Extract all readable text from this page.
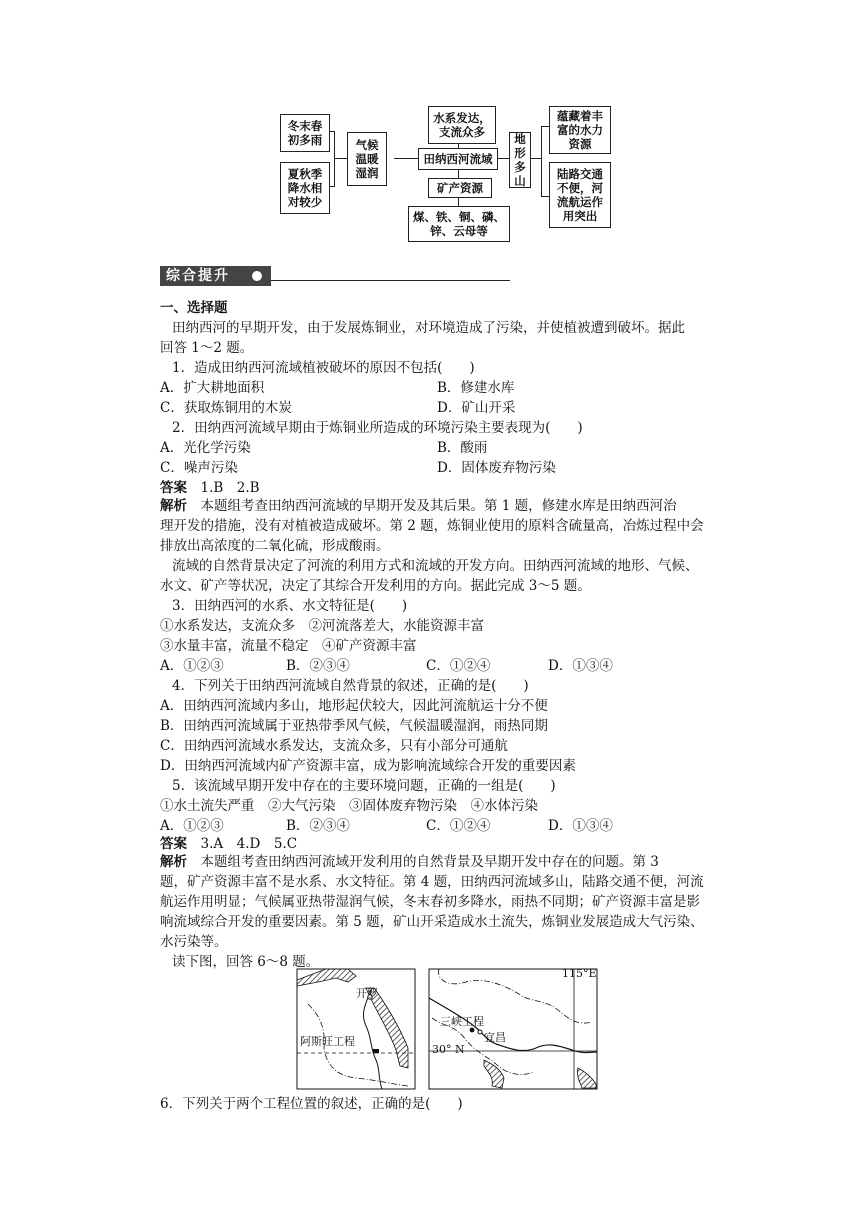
冬末春
初多雨
夏秋季
降水相
对较少
气候
温暖
湿润
水系发达，
支流众多
田纳西河流域
矿产资源
煤、铁、铜、磷、
锌、云母等
地
形
多
山
蕴藏着丰
富的水力
资源
陆路交通
不便，河
流航运作
用突出
综合提升
一、选择题
田纳西河的早期开发，由于发展炼铜业，对环境造成了污染，并使植被遭到破坏。据此
回答 1～2 题。
1．造成田纳西河流域植被破坏的原因不包括(　　)
A．扩大耕地面积	B．修建水库
C．获取炼铜用的木炭	D．矿山开采
2．田纳西河流域早期由于炼铜业所造成的环境污染主要表现为(　　)
A．光化学污染	B．酸雨
C．噪声污染	D．固体废弃物污染
答案　1.B　2.B
解析　本题组考查田纳西河流域的早期开发及其后果。第 1 题，修建水库是田纳西河治
理开发的措施，没有对植被造成破坏。第 2 题，炼铜业使用的原料含硫量高，冶炼过程中会
排放出高浓度的二氧化硫，形成酸雨。
流域的自然背景决定了河流的利用方式和流域的开发方向。田纳西河流域的地形、气候、
水文、矿产等状况，决定了其综合开发利用的方向。据此完成 3～5 题。
3．田纳西河的水系、水文特征是(　　)
①水系发达，支流众多　②河流落差大，水能资源丰富
③水量丰富，流量不稳定　④矿产资源丰富
A．①②③	B．②③④	C．①②④	D．①③④
4．下列关于田纳西河流域自然背景的叙述，正确的是(　　)
A．田纳西河流域内多山，地形起伏较大，因此河流航运十分不便
B．田纳西河流域属于亚热带季风气候，气候温暖湿润，雨热同期
C．田纳西河流域水系发达，支流众多，只有小部分可通航
D．田纳西河流域内矿产资源丰富，成为影响流域综合开发的重要因素
5．该流域早期开发中存在的主要环境问题，正确的一组是(　　)
①水土流失严重　②大气污染　③固体废弃物污染　④水体污染
A．①②③	B．②③④	C．①②④	D．①③④
答案　3.A　4.D　5.C
解析　本题组考查田纳西河流域开发利用的自然背景及早期开发中存在的问题。第 3
题，矿产资源丰富不是水系、水文特征。第 4 题，田纳西河流域多山，陆路交通不便，河流
航运作用明显；气候属亚热带湿润气候，冬末春初多降水，雨热不同期；矿产资源丰富是影
响流域综合开发的重要因素。第 5 题，矿山开采造成水土流失，炼铜业发展造成大气污染、
水污染等。
读下图，回答 6～8 题。
开罗
阿斯旺工程
三峡工程
宜昌
115°E
30° N
6．下列关于两个工程位置的叙述，正确的是(　　)
